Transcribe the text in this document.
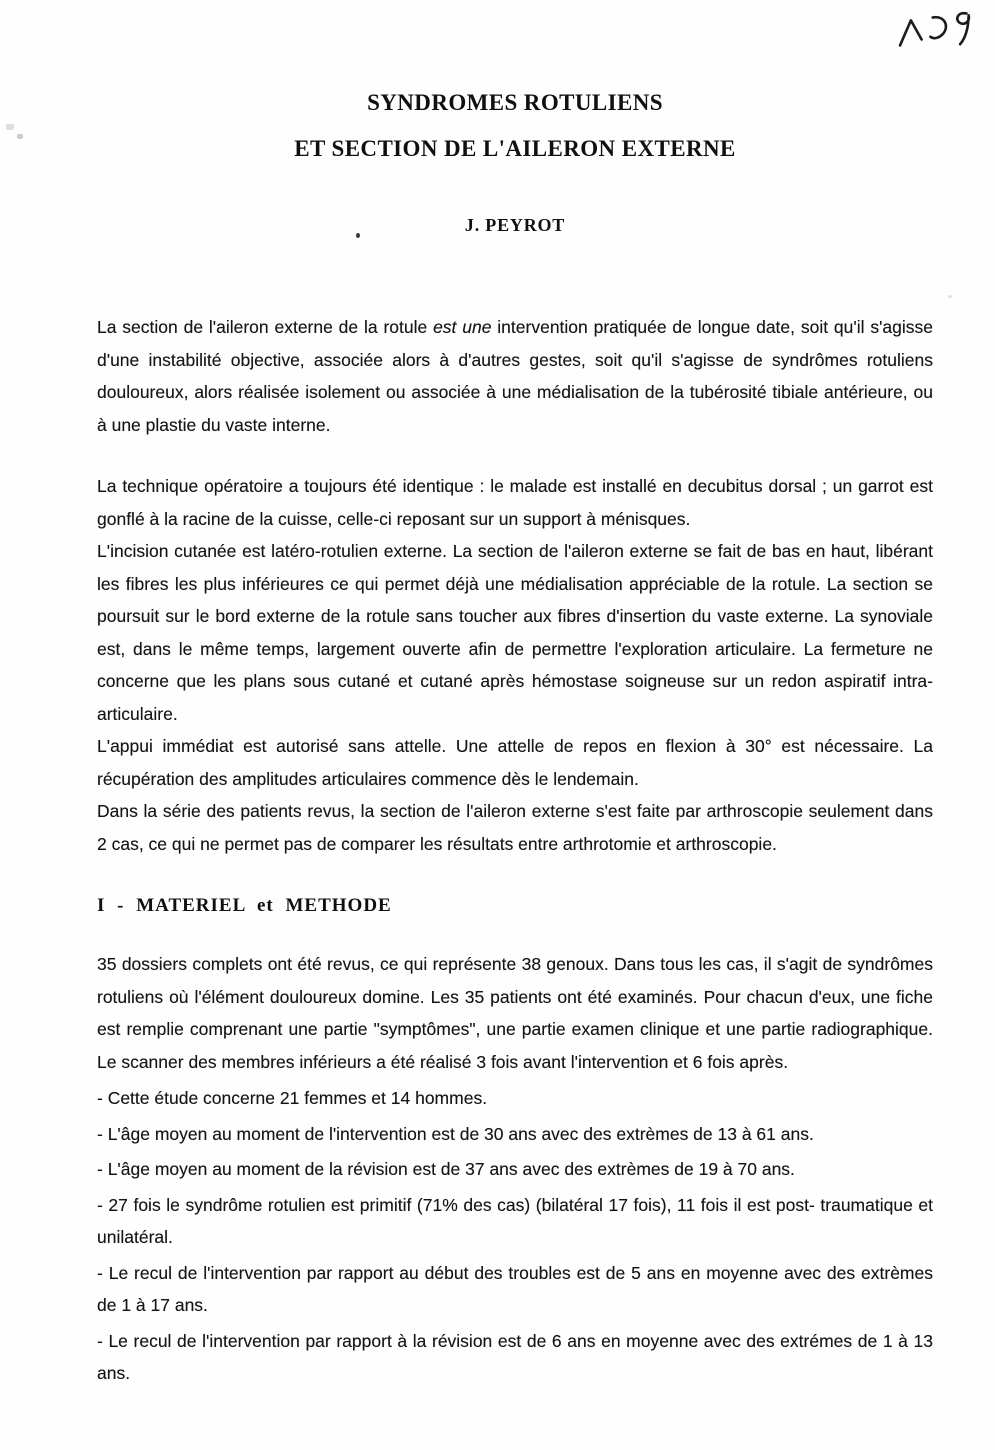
SYNDROMES ROTULIENS
ET SECTION DE L'AILERON EXTERNE
J. PEYROT

La section de l'aileron externe de la rotule est une intervention pratiquée de longue date, soit qu'il s'agisse d'une instabilité objective, associée alors à d'autres gestes, soit qu'il s'agisse de syndrômes rotuliens douloureux, alors réalisée isolement ou associée à une médialisation de la tubérosité tibiale antérieure, ou à une plastie du vaste interne.

La technique opératoire a toujours été identique : le malade est installé en decubitus dorsal ; un garrot est gonflé à la racine de la cuisse, celle-ci reposant sur un support à ménisques.

L'incision cutanée est latéro-rotulien externe. La section de l'aileron externe se fait de bas en haut, libérant les fibres les plus inférieures ce qui permet déjà une médialisation appréciable de la rotule. La section se poursuit sur le bord externe de la rotule sans toucher aux fibres d'insertion du vaste externe. La synoviale est, dans le même temps, largement ouverte afin de permettre l'exploration articulaire. La fermeture ne concerne que les plans sous cutané et cutané après hémostase soigneuse sur un redon aspiratif intra-articulaire.

L'appui immédiat est autorisé sans attelle. Une attelle de repos en flexion à 30° est nécessaire. La récupération des amplitudes articulaires commence dès le lendemain.

Dans la série des patients revus, la section de l'aileron externe s'est faite par arthroscopie seulement dans 2 cas, ce qui ne permet pas de comparer les résultats entre arthrotomie et arthroscopie.

I - MATERIEL et METHODE

35 dossiers complets ont été revus, ce qui représente 38 genoux. Dans tous les cas, il s'agit de syndrômes rotuliens où l'élément douloureux domine. Les 35 patients ont été examinés. Pour chacun d'eux, une fiche est remplie comprenant une partie "symptômes", une partie examen clinique et une partie radiographique. Le scanner des membres inférieurs a été réalisé 3 fois avant l'intervention et 6 fois après.

- Cette étude concerne 21 femmes et 14 hommes.

- L'âge moyen au moment de l'intervention est de 30 ans avec des extrèmes de 13 à 61 ans.

- L'âge moyen au moment de la révision est de 37 ans avec des extrèmes de 19 à 70 ans.

- 27 fois le syndrôme rotulien est primitif (71% des cas) (bilatéral 17 fois), 11 fois il est post- traumatique et unilatéral.

- Le recul de l'intervention par rapport au début des troubles est de 5 ans en moyenne avec des extrèmes de 1 à 17 ans.

- Le recul de l'intervention par rapport à la révision est de 6 ans en moyenne avec des extrémes de 1 à 13 ans.
